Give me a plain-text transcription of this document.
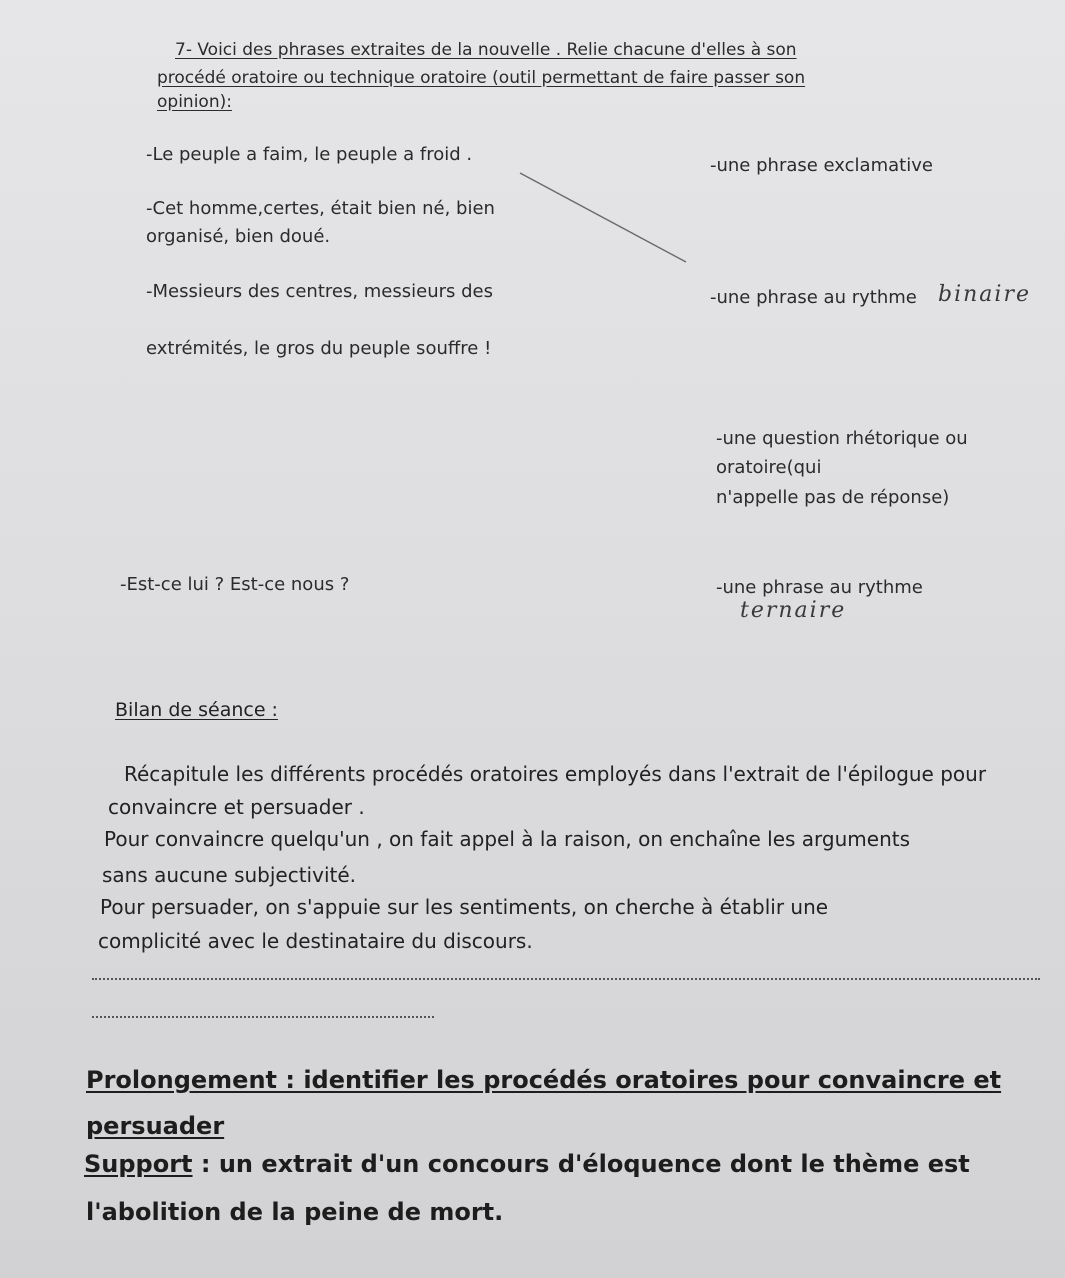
7- Voici des phrases extraites de la nouvelle . Relie chacune d'elles à son
procédé oratoire ou technique oratoire (outil permettant de faire passer son
opinion):
-Le peuple a faim, le peuple a froid .
-Cet homme,certes, était bien né, bien
organisé, bien doué.
-Messieurs des centres, messieurs des
extrémités, le gros du peuple souffre !
-Est-ce lui ? Est-ce nous ?
-une phrase exclamative
-une phrase au rythme binaire
-une question rhétorique ou
oratoire(qui
n'appelle pas de réponse)
-une phrase au rythme
ternaire
Bilan de séance :
Récapitule les différents procédés oratoires employés dans l'extrait de l'épilogue pour
convaincre et persuader .
Pour convaincre quelqu'un , on fait appel à la raison, on enchaîne les arguments
sans aucune subjectivité.
Pour persuader, on s'appuie sur les sentiments, on cherche à établir une
complicité avec le destinataire du discours.
Prolongement : identifier les procédés oratoires pour convaincre et
persuader
Support : un extrait d'un concours d'éloquence dont le thème est
l'abolition de la peine de mort.
